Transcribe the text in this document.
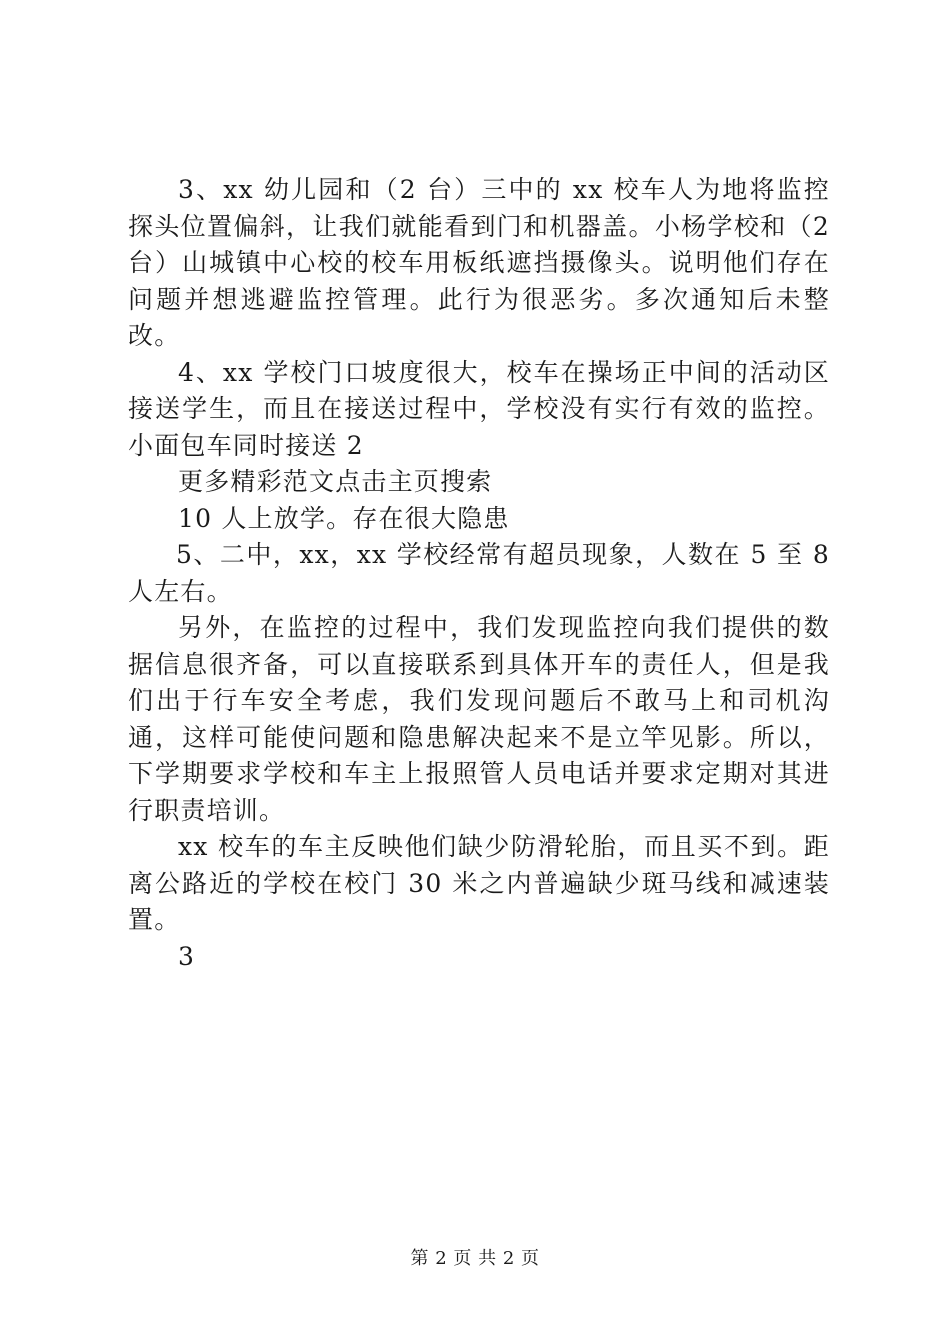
3、xx 幼儿园和（2 台）三中的 xx 校车人为地将监控探头位置偏斜，让我们就能看到门和机器盖。小杨学校和（2 台）山城镇中心校的校车用板纸遮挡摄像头。说明他们存在问题并想逃避监控管理。此行为很恶劣。多次通知后未整改。

4、xx 学校门口坡度很大，校车在操场正中间的活动区接送学生，而且在接送过程中，学校没有实行有效的监控。小面包车同时接送 2

更多精彩范文点击主页搜索

10 人上放学。存在很大隐患

5、二中，xx，xx 学校经常有超员现象，人数在 5 至 8 人左右。

另外，在监控的过程中，我们发现监控向我们提供的数据信息很齐备，可以直接联系到具体开车的责任人，但是我们出于行车安全考虑，我们发现问题后不敢马上和司机沟通，这样可能使问题和隐患解决起来不是立竿见影。所以，下学期要求学校和车主上报照管人员电话并要求定期对其进行职责培训。

xx 校车的车主反映他们缺少防滑轮胎，而且买不到。距离公路近的学校在校门 30 米之内普遍缺少斑马线和减速装置。

3

第 2 页 共 2 页
